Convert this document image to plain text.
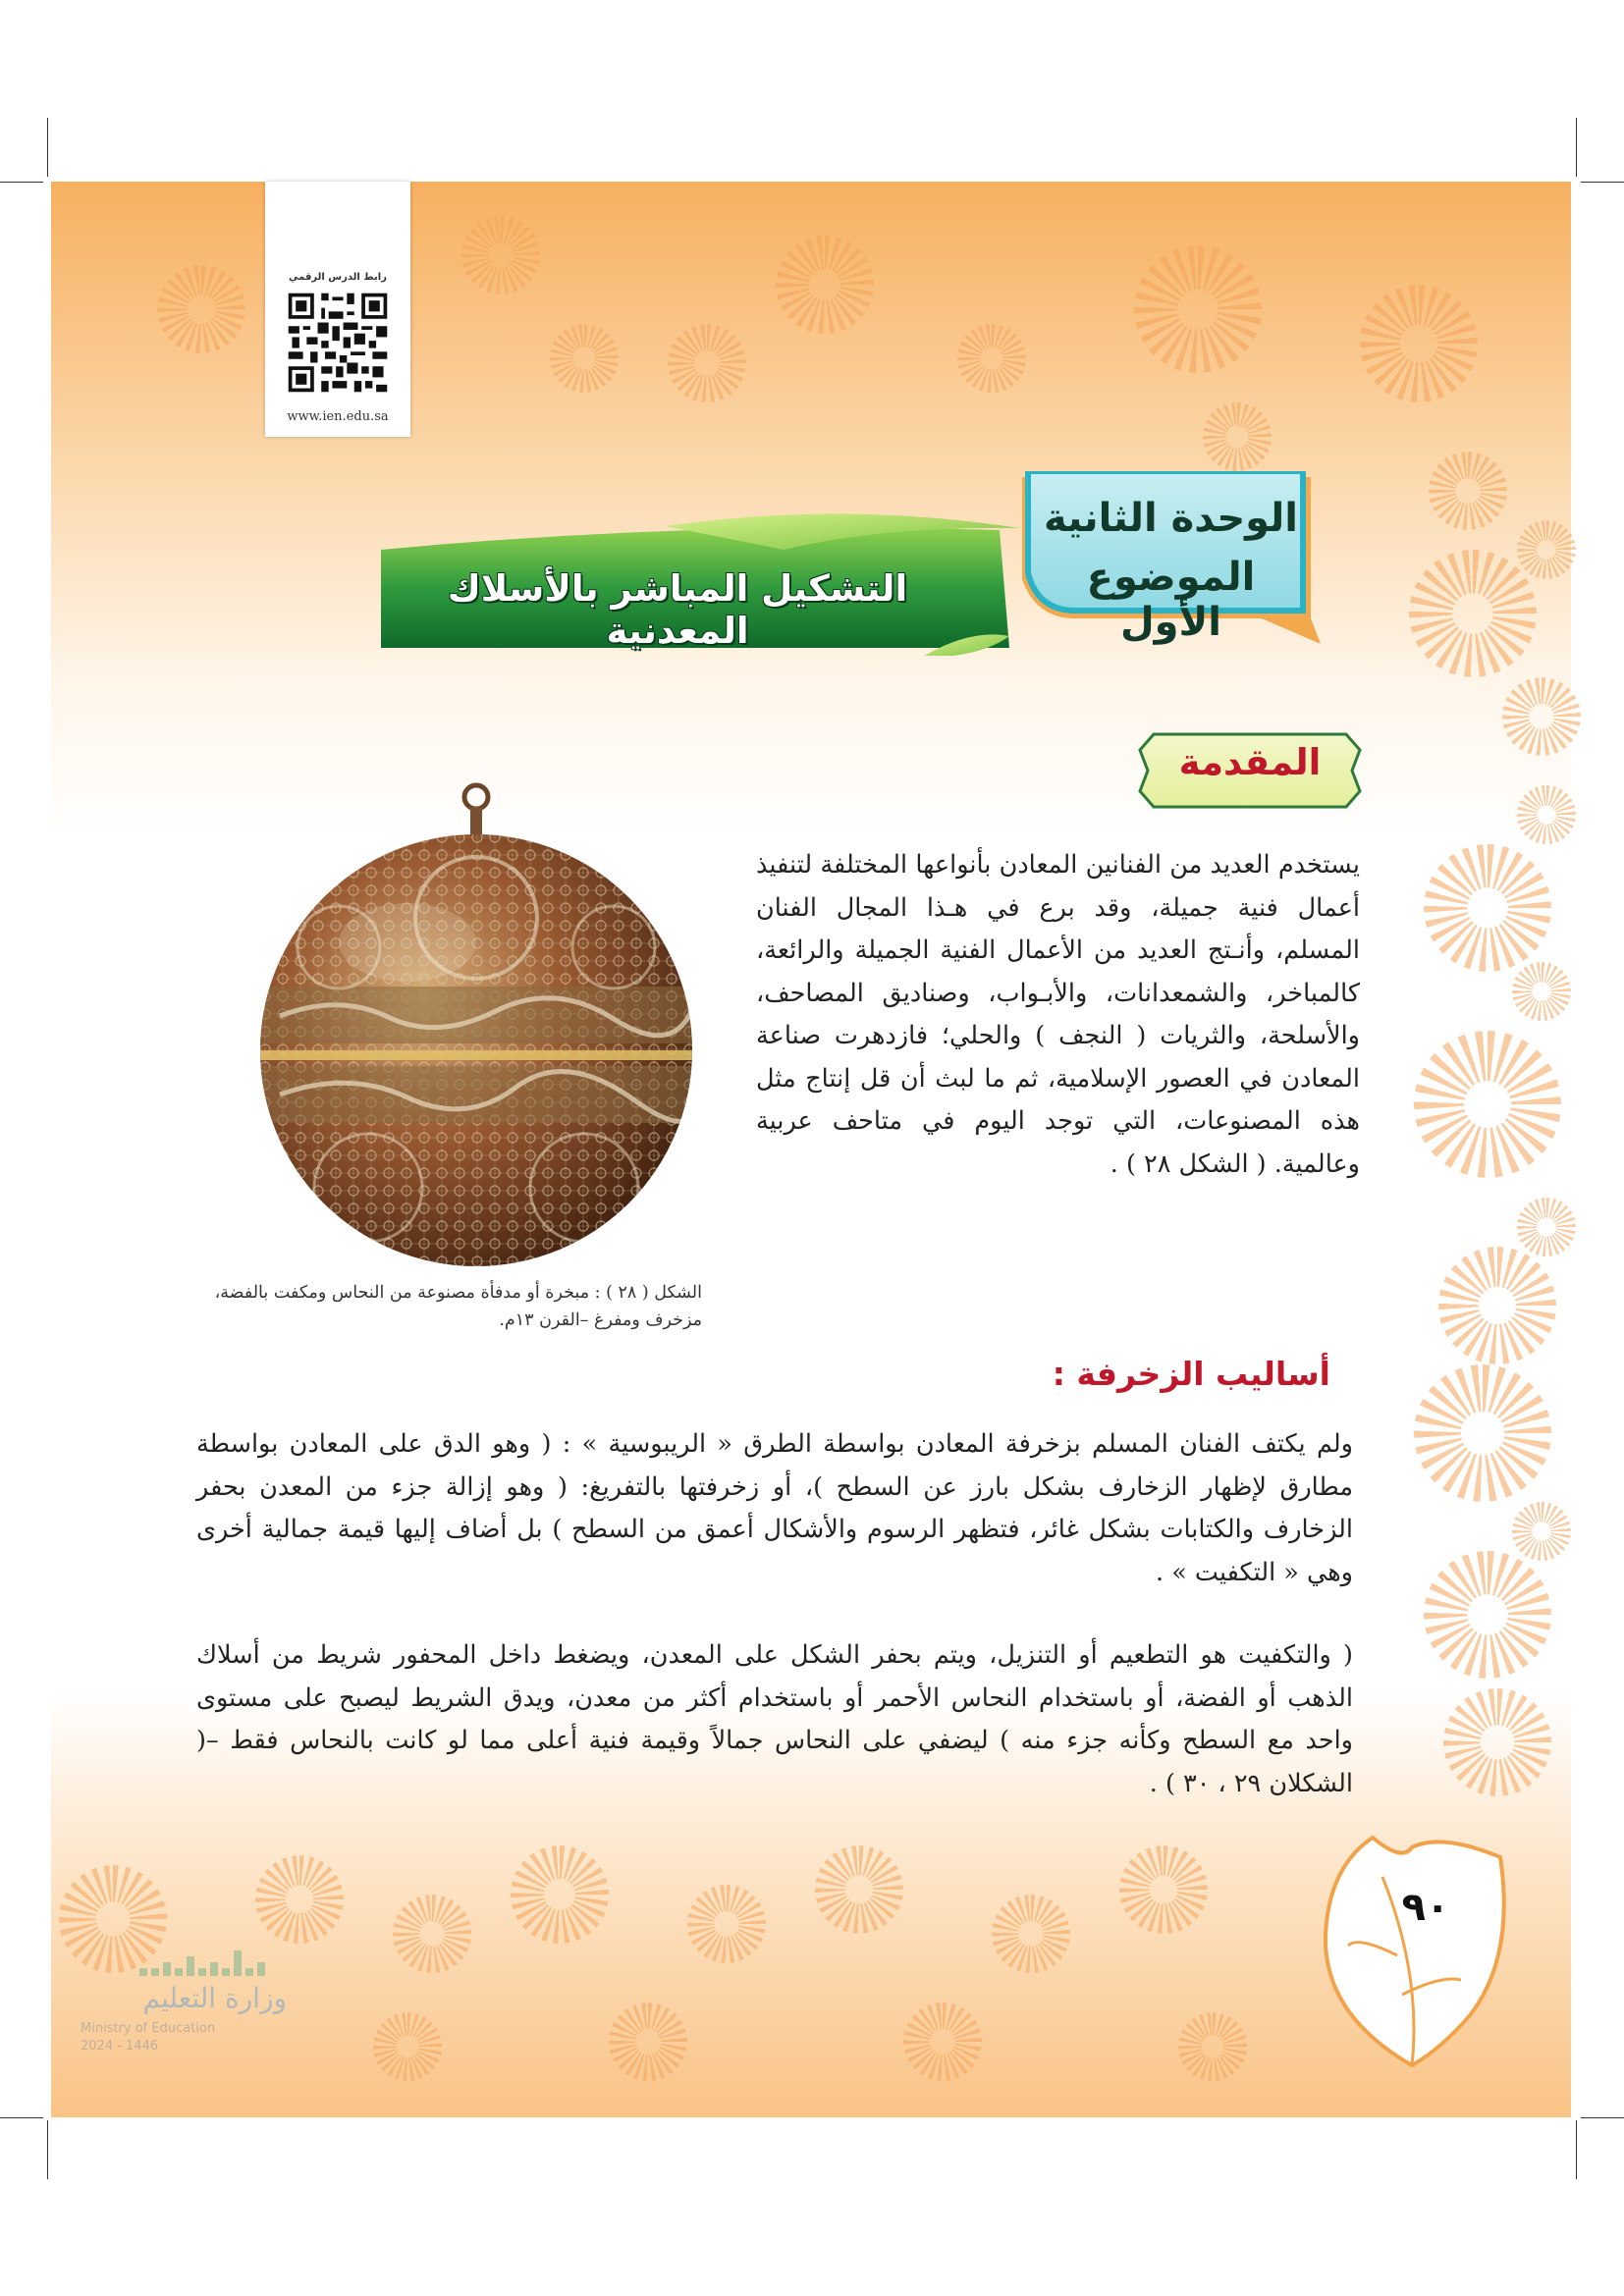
رابط الدرس الرقمي
www.ien.edu.sa
التشكيل المباشر بالأسلاك المعدنية
الوحدة الثانية
الموضوع الأول
المقدمة
يستخدم العديد من الفنانين المعادن بأنواعها المختلفة لتنفيذ أعمال فنية جميلة، وقد برع في هـذا المجال الفنان المسلم، وأنـتج العديد من الأعمال الفنية الجميلة والرائعة، كالمباخر، والشمعدانات، والأبـواب، وصناديق المصاحف، والأسلحة، والثريات ( النجف ) والحلي؛ فازدهرت صناعة المعادن في العصور الإسلامية، ثم ما لبث أن قل إنتاج مثل هذه المصنوعات، التي توجد اليوم في متاحف عربية وعالمية. ( الشكل ٢٨ ) .
الشكل ( ٢٨ ) : مبخرة أو مدفأة مصنوعة من النحاس ومكفت بالفضة، مزخرف ومفرغ –القرن ١٣م.
أساليب الزخرفة :
ولم يكتف الفنان المسلم بزخرفة المعادن بواسطة الطرق « الريبوسية » : ( وهو الدق على المعادن بواسطة مطارق لإظهار الزخارف بشكل بارز عن السطح )، أو زخرفتها بالتفريغ: ( وهو إزالة جزء من المعدن بحفر الزخارف والكتابات بشكل غائر، فتظهر الرسوم والأشكال أعمق من السطح ) بل أضاف إليها قيمة جمالية أخرى وهي « التكفيت » .
( والتكفيت هو التطعيم أو التنزيل، ويتم بحفر الشكل على المعدن، ويضغط داخل المحفور شريط من أسلاك الذهب أو الفضة، أو باستخدام النحاس الأحمر أو باستخدام أكثر من معدن، ويدق الشريط ليصبح على مستوى واحد مع السطح وكأنه جزء منه ) ليضفي على النحاس جمالاً وقيمة فنية أعلى مما لو كانت بالنحاس فقط –( الشكلان ٢٩ ، ٣٠ ) .
٩٠
وزارة التعليم
Ministry of Education
2024 - 1446
